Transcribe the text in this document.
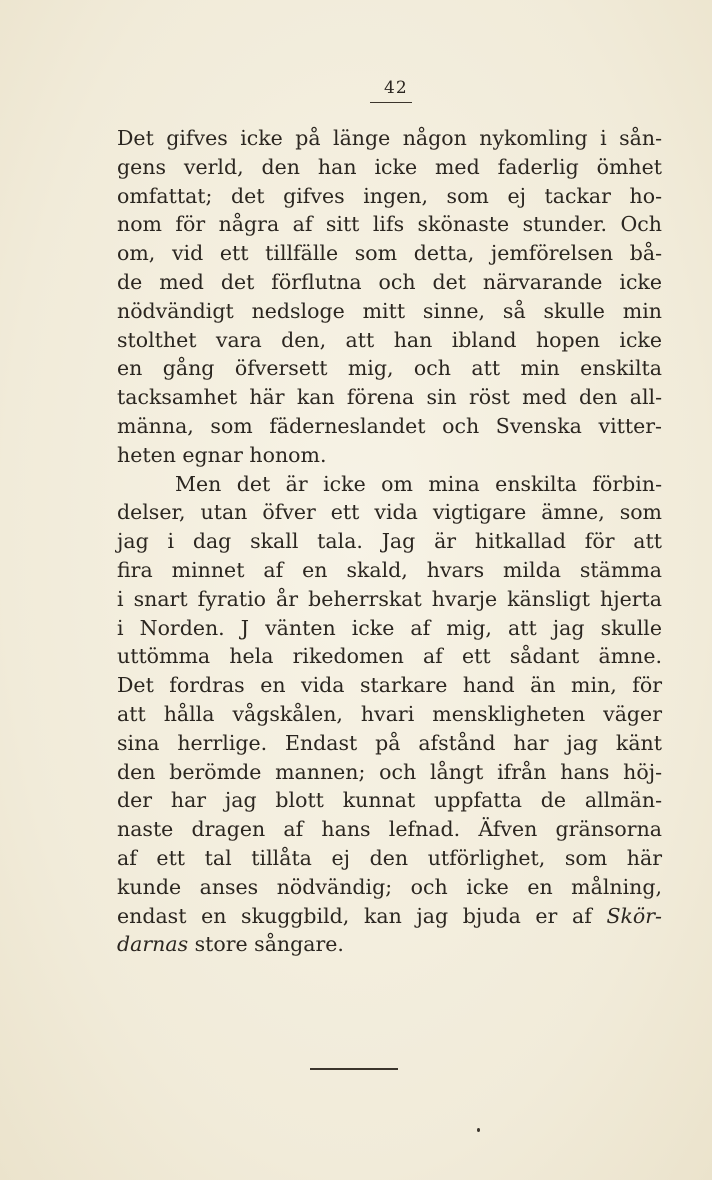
42

Det gifves icke på länge någon nykomling i sån-
gens verld, den han icke med faderlig ömhet
omfattat; det gifves ingen, som ej tackar ho-
nom för några af sitt lifs skönaste stunder. Och
om, vid ett tillfälle som detta, jemförelsen bå-
de med det förflutna och det närvarande icke
nödvändigt nedsloge mitt sinne, så skulle min
stolthet vara den, att han ibland hopen icke
en gång öfversett mig, och att min enskilta
tacksamhet här kan förena sin röst med den all-
männa, som fäderneslandet och Svenska vitter-
heten egnar honom.
Men det är icke om mina enskilta förbin-
delser, utan öfver ett vida vigtigare ämne, som
jag i dag skall tala. Jag är hitkallad för att
fira minnet af en skald, hvars milda stämma
i snart fyratio år beherrskat hvarje känsligt hjerta
i Norden. J vänten icke af mig, att jag skulle
uttömma hela rikedomen af ett sådant ämne.
Det fordras en vida starkare hand än min, för
att hålla vågskålen, hvari menskligheten väger
sina herrlige. Endast på afstånd har jag känt
den berömde mannen; och långt ifrån hans höj-
der har jag blott kunnat uppfatta de allmän-
naste dragen af hans lefnad. Äfven gränsorna
af ett tal tillåta ej den utförlighet, som här
kunde anses nödvändig; och icke en målning,
endast en skuggbild, kan jag bjuda er af Skör-
darnas store sångare.
